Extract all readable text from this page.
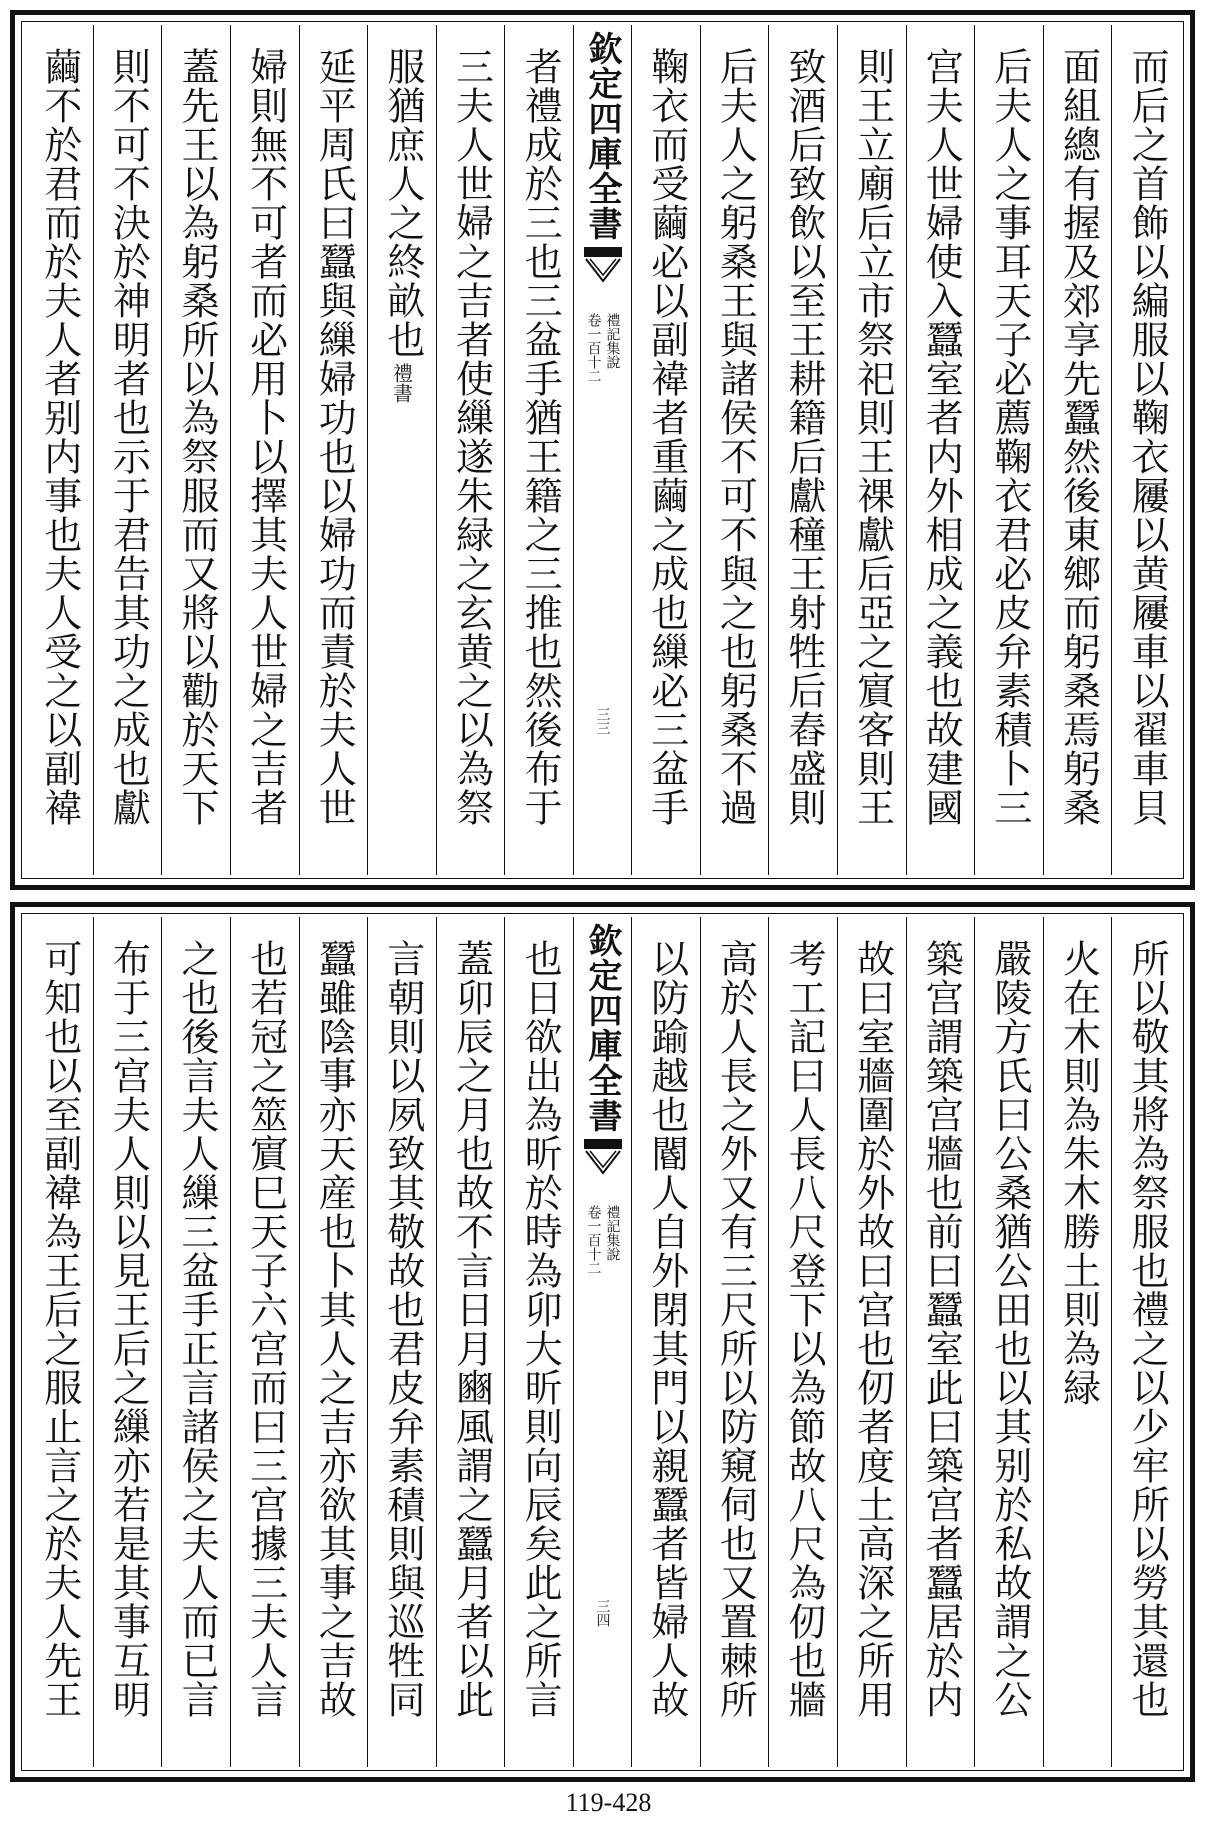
而后之首飾以編服以鞠衣屨以黄屨車以翟車貝
面組總有握及郊享先蠶然後東鄉而躬桑焉躬桑
后夫人之事耳天子必薦鞠衣君必皮弁素積卜三
宫夫人世婦使入蠶室者内外相成之義也故建國
則王立廟后立市祭祀則王祼獻后亞之賔客則王
致酒后致飲以至王耕籍后獻穜王射牲后舂盛則
后夫人之躬桑王與諸侯不可不與之也躬桑不過
鞠衣而受繭必以副褘者重繭之成也繅必三盆手
欽定四庫全書
禮記集說
卷一百十二
三三
者禮成於三也三盆手猶王籍之三推也然後布于
三夫人世婦之吉者使繅遂朱緑之玄黄之以為祭
服猶庶人之終畝也
禮書
延平周氏曰蠶與繅婦功也以婦功而責於夫人世
婦則無不可者而必用卜以擇其夫人世婦之吉者
蓋先王以為躬桑所以為祭服而又將以勸於天下
則不可不決於神明者也示于君告其功之成也獻
繭不於君而於夫人者别内事也夫人受之以副褘
所以敬其將為祭服也禮之以少牢所以勞其還也
火在木則為朱木勝土則為緑
嚴陵方氏曰公桑猶公田也以其别於私故謂之公
築宫謂築宫牆也前曰蠶室此曰築宫者蠶居於内
故曰室牆圍於外故曰宫也仞者度土高深之所用
考工記曰人長八尺登下以為節故八尺為仞也牆
高於人長之外又有三尺所以防窺伺也又置棘所
以防踰越也閽人自外閉其門以親蠶者皆婦人故
欽定四庫全書
禮記集說
卷一百十二
三四
也日欲出為昕於時為卯大昕則向辰矣此之所言
蓋卯辰之月也故不言日月豳風謂之蠶月者以此
言朝則以夙致其敬故也君皮弁素積則與巡牲同
蠶雖陰事亦天産也卜其人之吉亦欲其事之吉故
也若冠之筮賔巳天子六宫而曰三宫據三夫人言
之也後言夫人繅三盆手正言諸侯之夫人而已言
布于三宫夫人則以見王后之繅亦若是其事互明
可知也以至副褘為王后之服止言之於夫人先王
119-428
